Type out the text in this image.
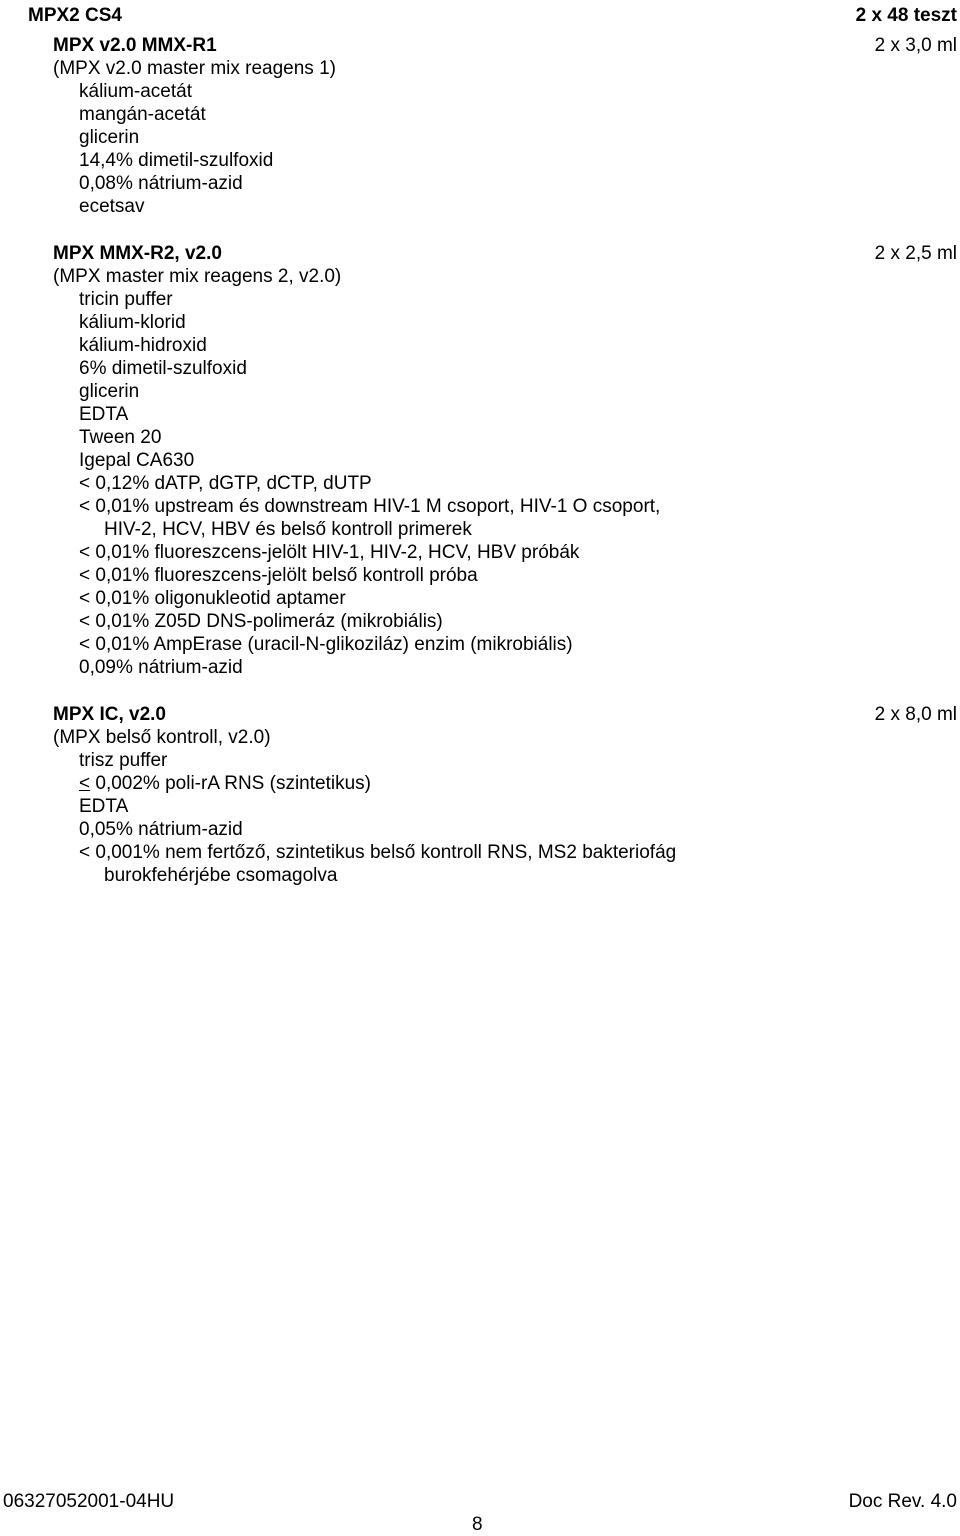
MPX2 CS4	2 x 48 teszt
MPX v2.0 MMX-R1	2 x 3,0 ml
(MPX v2.0 master mix reagens 1)
kálium-acetát
mangán-acetát
glicerin
14,4% dimetil-szulfoxid
0,08% nátrium-azid
ecetsav
MPX MMX-R2, v2.0	2 x 2,5 ml
(MPX master mix reagens 2, v2.0)
tricin puffer
kálium-klorid
kálium-hidroxid
6% dimetil-szulfoxid
glicerin
EDTA
Tween 20
Igepal CA630
< 0,12% dATP, dGTP, dCTP, dUTP
< 0,01% upstream és downstream HIV-1 M csoport, HIV-1 O csoport,
HIV-2, HCV, HBV és belső kontroll primerek
< 0,01% fluoreszcens-jelölt HIV-1, HIV-2, HCV, HBV próbák
< 0,01% fluoreszcens-jelölt belső kontroll próba
< 0,01% oligonukleotid aptamer
< 0,01% Z05D DNS-polimeráz (mikrobiális)
< 0,01% AmpErase (uracil-N-glikoziláz) enzim (mikrobiális)
0,09% nátrium-azid
MPX IC, v2.0	2 x 8,0 ml
(MPX belső kontroll, v2.0)
trisz puffer
≤ 0,002% poli-rA RNS (szintetikus)
EDTA
0,05% nátrium-azid
< 0,001% nem fertőző, szintetikus belső kontroll RNS, MS2 bakteriofág
burokfehérjébe csomagolva
06327052001-04HU
8
Doc Rev. 4.0
